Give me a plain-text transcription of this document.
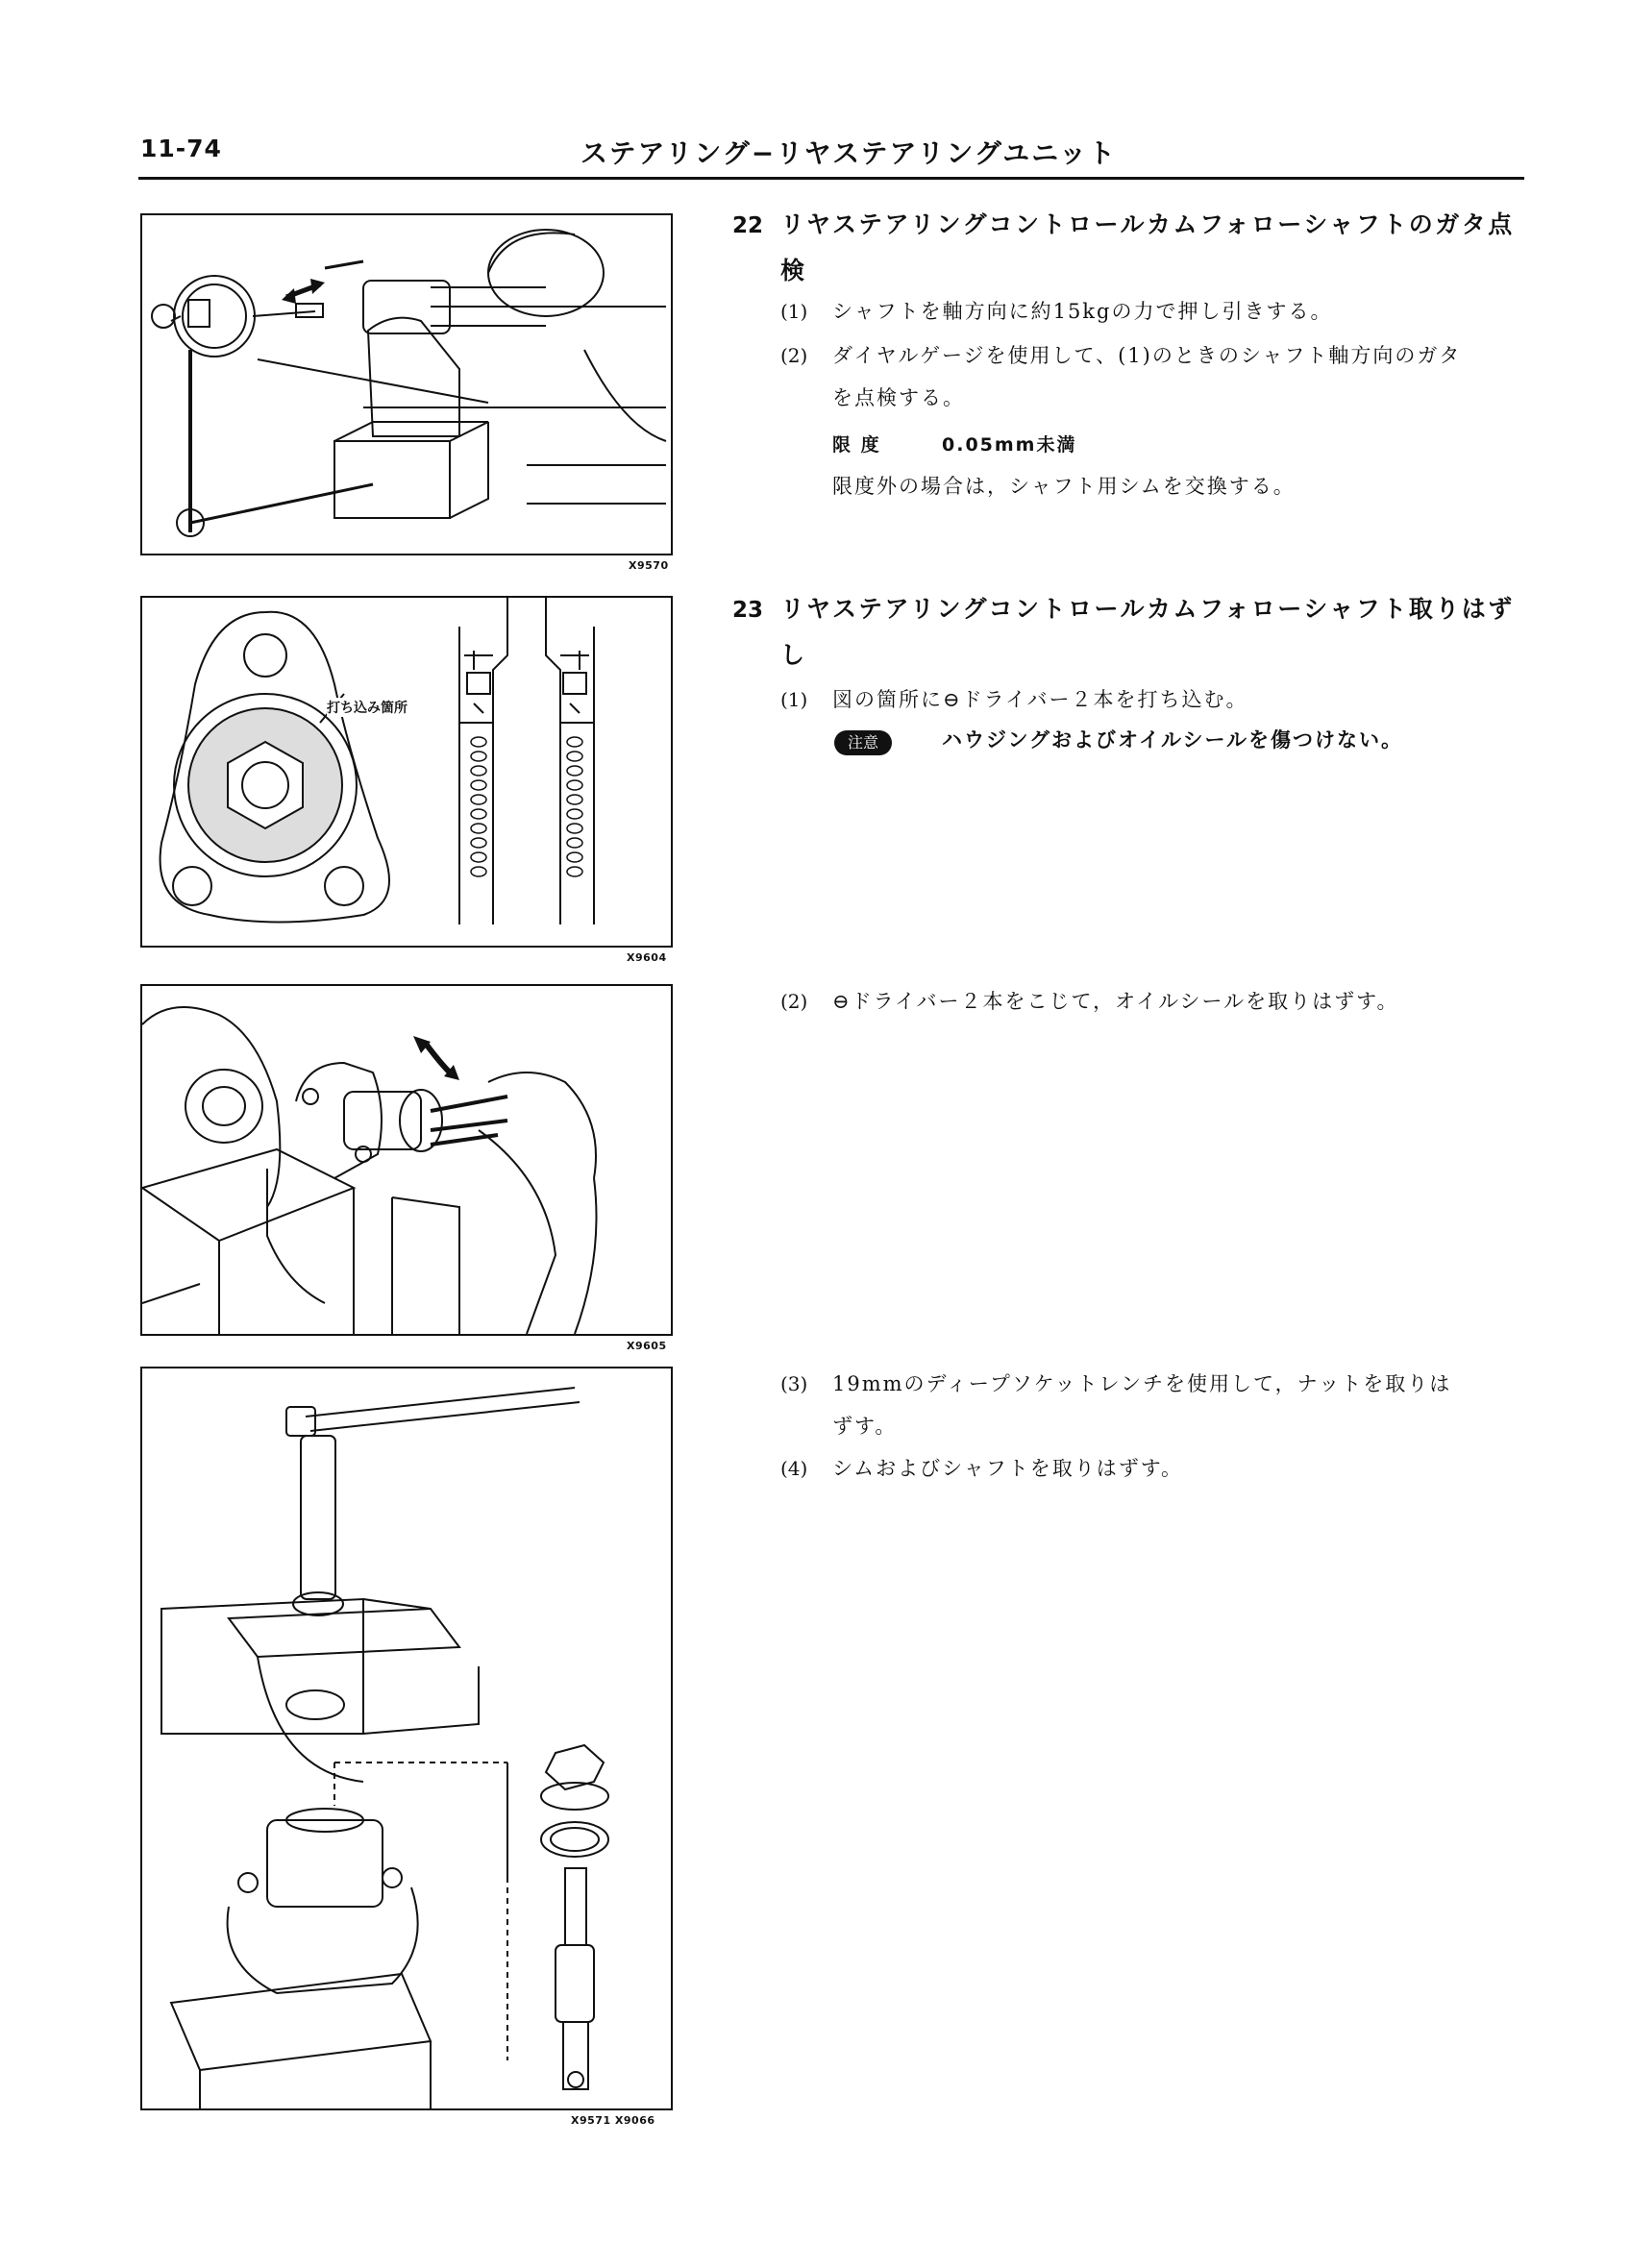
11-74	ステアリング−リヤステアリングユニット
X9570
打ち込み箇所
X9604
X9605
X9571 X9066
22 リヤステアリングコントロールカムフォローシャフトのガタ点
検
(1) シャフトを軸方向に約15kgの力で押し引きする。
(2) ダイヤルゲージを使用して、(1)のときのシャフト軸方向のガタ
を点検する。
限 度	0.05mm未満
限度外の場合は，シャフト用シムを交換する。
23 リヤステアリングコントロールカムフォローシャフト取りはず
し
(1) 図の箇所に⊖ドライバー２本を打ち込む。
注意	ハウジングおよびオイルシールを傷つけない。
(2) ⊖ドライバー２本をこじて，オイルシールを取りはずす。
(3) 19mmのディープソケットレンチを使用して，ナットを取りは
ずす。
(4) シムおよびシャフトを取りはずす。
